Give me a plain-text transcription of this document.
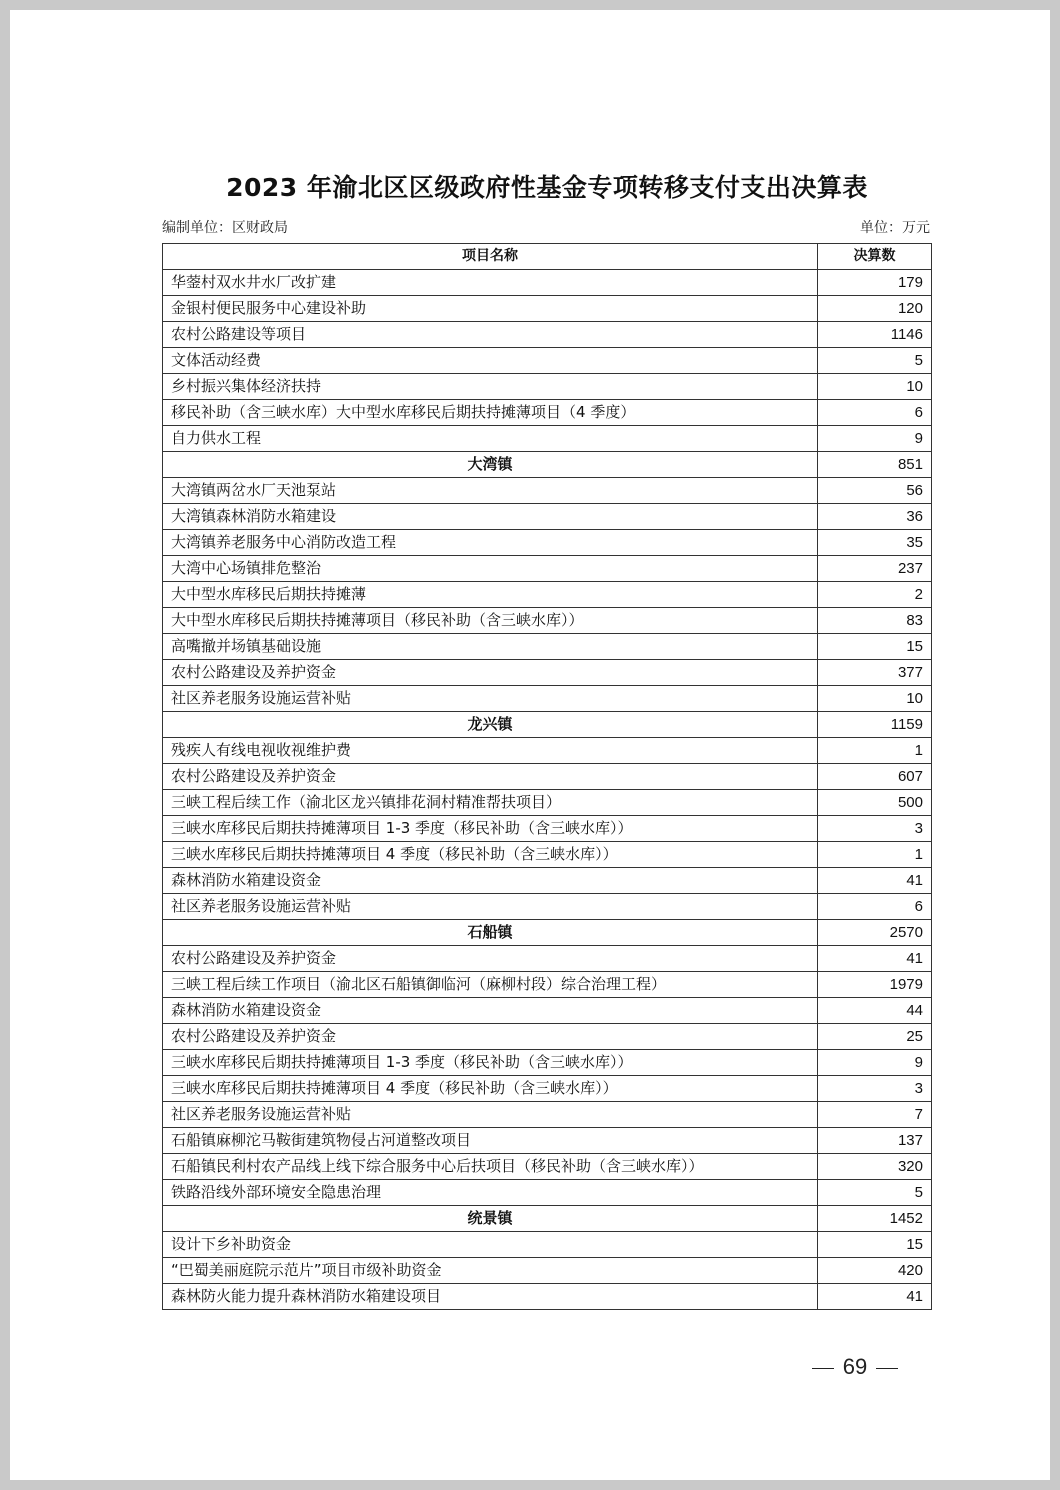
2023 年渝北区区级政府性基金专项转移支付支出决算表
编制单位：区财政局	单位：万元
项目名称	决算数
华蓥村双水井水厂改扩建	179
金银村便民服务中心建设补助	120
农村公路建设等项目	1146
文体活动经费	5
乡村振兴集体经济扶持	10
移民补助（含三峡水库）大中型水库移民后期扶持摊薄项目（4 季度）	6
自力供水工程	9
大湾镇	851
大湾镇两岔水厂天池泵站	56
大湾镇森林消防水箱建设	36
大湾镇养老服务中心消防改造工程	35
大湾中心场镇排危整治	237
大中型水库移民后期扶持摊薄	2
大中型水库移民后期扶持摊薄项目（移民补助（含三峡水库））	83
高嘴撤并场镇基础设施	15
农村公路建设及养护资金	377
社区养老服务设施运营补贴	10
龙兴镇	1159
残疾人有线电视收视维护费	1
农村公路建设及养护资金	607
三峡工程后续工作（渝北区龙兴镇排花洞村精准帮扶项目）	500
三峡水库移民后期扶持摊薄项目 1-3 季度（移民补助（含三峡水库））	3
三峡水库移民后期扶持摊薄项目 4 季度（移民补助（含三峡水库））	1
森林消防水箱建设资金	41
社区养老服务设施运营补贴	6
石船镇	2570
农村公路建设及养护资金	41
三峡工程后续工作项目（渝北区石船镇御临河（麻柳村段）综合治理工程）	1979
森林消防水箱建设资金	44
农村公路建设及养护资金	25
三峡水库移民后期扶持摊薄项目 1-3 季度（移民补助（含三峡水库））	9
三峡水库移民后期扶持摊薄项目 4 季度（移民补助（含三峡水库））	3
社区养老服务设施运营补贴	7
石船镇麻柳沱马鞍街建筑物侵占河道整改项目	137
石船镇民利村农产品线上线下综合服务中心后扶项目（移民补助（含三峡水库））	320
铁路沿线外部环境安全隐患治理	5
统景镇	1452
设计下乡补助资金	15
“巴蜀美丽庭院示范片”项目市级补助资金	420
森林防火能力提升森林消防水箱建设项目	41
69
